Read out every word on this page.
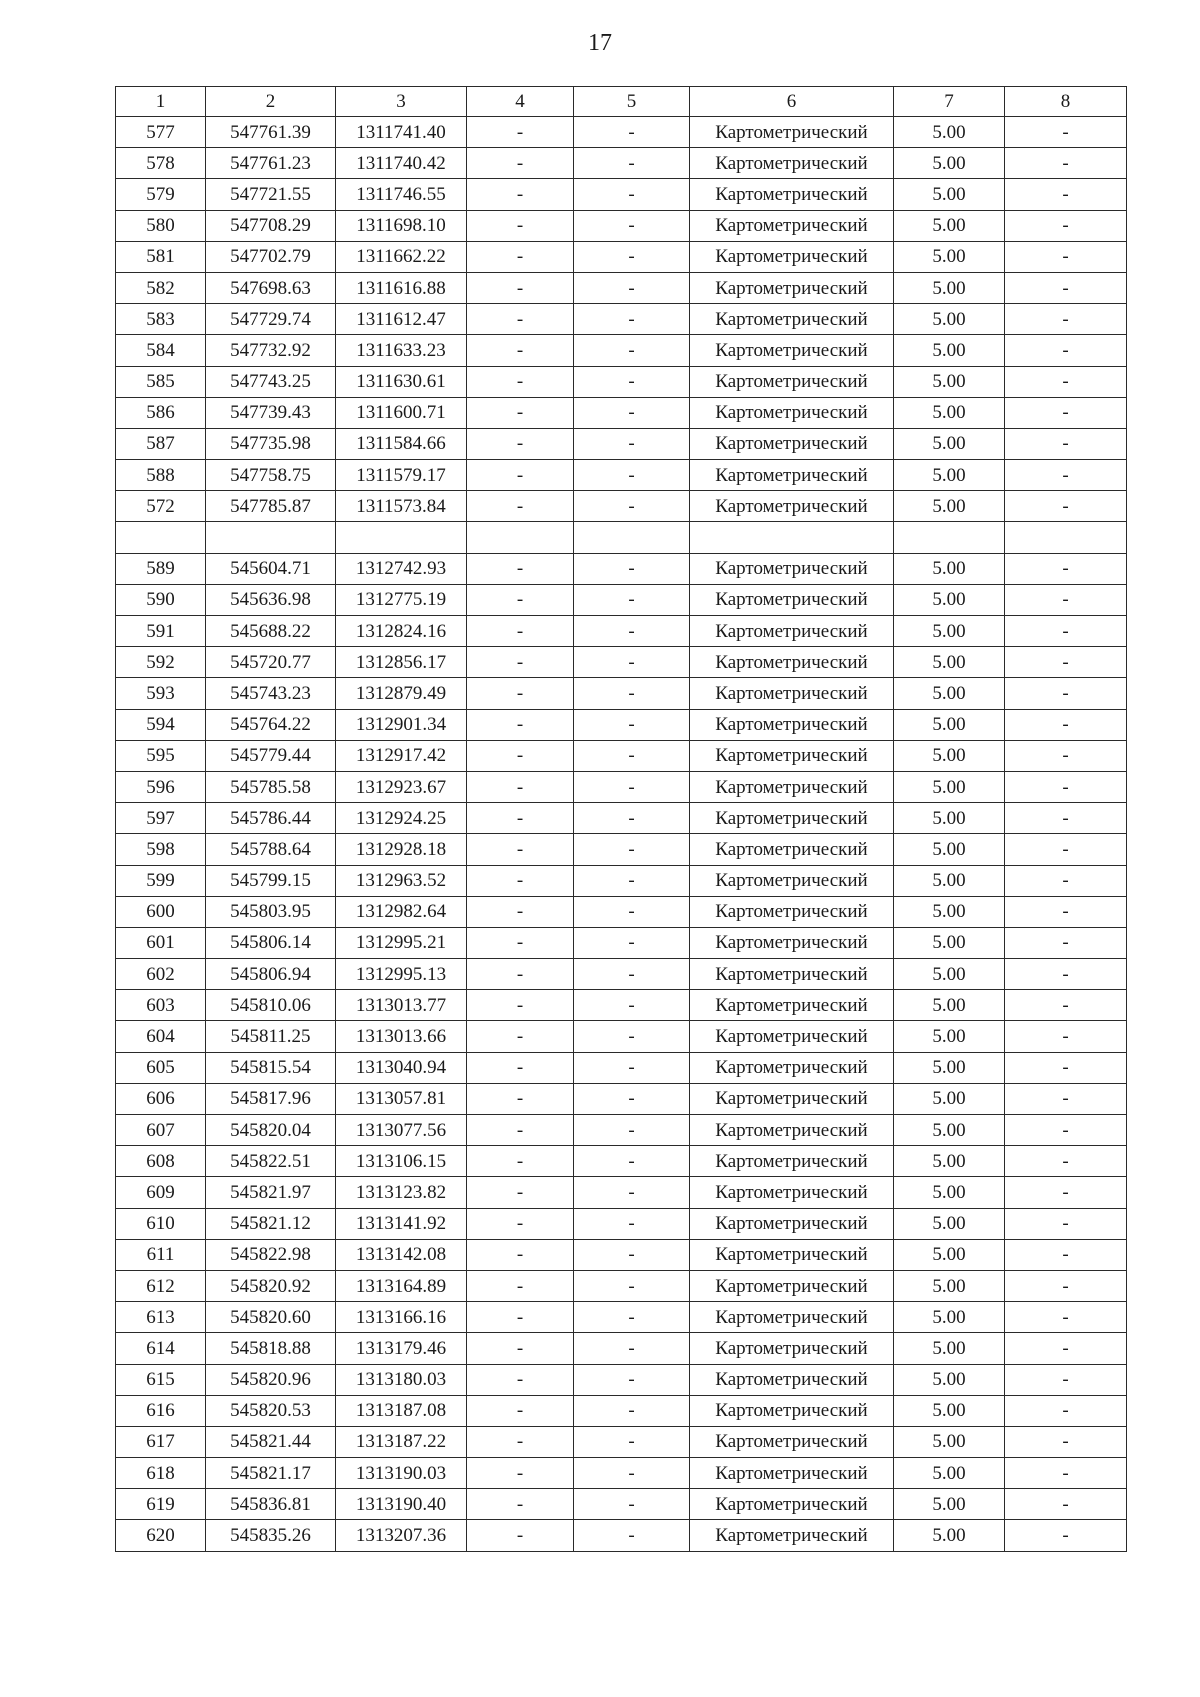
17
1	2	3	4	5	6	7	8
577	547761.39	1311741.40	-	-	Картометрический	5.00	-
578	547761.23	1311740.42	-	-	Картометрический	5.00	-
579	547721.55	1311746.55	-	-	Картометрический	5.00	-
580	547708.29	1311698.10	-	-	Картометрический	5.00	-
581	547702.79	1311662.22	-	-	Картометрический	5.00	-
582	547698.63	1311616.88	-	-	Картометрический	5.00	-
583	547729.74	1311612.47	-	-	Картометрический	5.00	-
584	547732.92	1311633.23	-	-	Картометрический	5.00	-
585	547743.25	1311630.61	-	-	Картометрический	5.00	-
586	547739.43	1311600.71	-	-	Картометрический	5.00	-
587	547735.98	1311584.66	-	-	Картометрический	5.00	-
588	547758.75	1311579.17	-	-	Картометрический	5.00	-
572	547785.87	1311573.84	-	-	Картометрический	5.00	-

589	545604.71	1312742.93	-	-	Картометрический	5.00	-
590	545636.98	1312775.19	-	-	Картометрический	5.00	-
591	545688.22	1312824.16	-	-	Картометрический	5.00	-
592	545720.77	1312856.17	-	-	Картометрический	5.00	-
593	545743.23	1312879.49	-	-	Картометрический	5.00	-
594	545764.22	1312901.34	-	-	Картометрический	5.00	-
595	545779.44	1312917.42	-	-	Картометрический	5.00	-
596	545785.58	1312923.67	-	-	Картометрический	5.00	-
597	545786.44	1312924.25	-	-	Картометрический	5.00	-
598	545788.64	1312928.18	-	-	Картометрический	5.00	-
599	545799.15	1312963.52	-	-	Картометрический	5.00	-
600	545803.95	1312982.64	-	-	Картометрический	5.00	-
601	545806.14	1312995.21	-	-	Картометрический	5.00	-
602	545806.94	1312995.13	-	-	Картометрический	5.00	-
603	545810.06	1313013.77	-	-	Картометрический	5.00	-
604	545811.25	1313013.66	-	-	Картометрический	5.00	-
605	545815.54	1313040.94	-	-	Картометрический	5.00	-
606	545817.96	1313057.81	-	-	Картометрический	5.00	-
607	545820.04	1313077.56	-	-	Картометрический	5.00	-
608	545822.51	1313106.15	-	-	Картометрический	5.00	-
609	545821.97	1313123.82	-	-	Картометрический	5.00	-
610	545821.12	1313141.92	-	-	Картометрический	5.00	-
611	545822.98	1313142.08	-	-	Картометрический	5.00	-
612	545820.92	1313164.89	-	-	Картометрический	5.00	-
613	545820.60	1313166.16	-	-	Картометрический	5.00	-
614	545818.88	1313179.46	-	-	Картометрический	5.00	-
615	545820.96	1313180.03	-	-	Картометрический	5.00	-
616	545820.53	1313187.08	-	-	Картометрический	5.00	-
617	545821.44	1313187.22	-	-	Картометрический	5.00	-
618	545821.17	1313190.03	-	-	Картометрический	5.00	-
619	545836.81	1313190.40	-	-	Картометрический	5.00	-
620	545835.26	1313207.36	-	-	Картометрический	5.00	-
